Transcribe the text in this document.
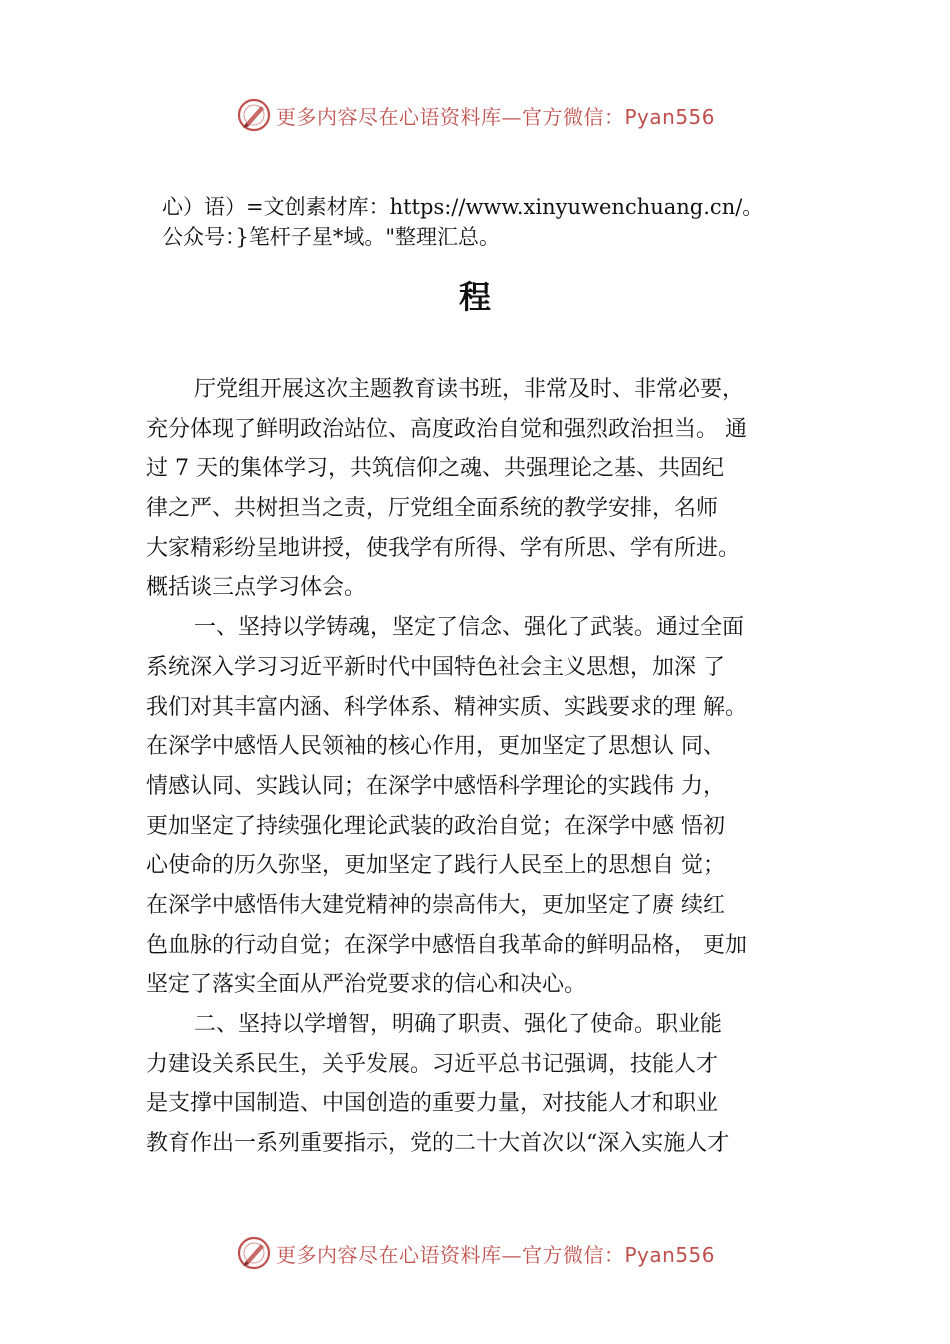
更多内容尽在心语资料库—官方微信：Pyan556
心）语）=文创素材库：https://www.xinyuwenchuang.cn/。
公众号：}笔杆子星*域。"整理汇总。
程
厅党组开展这次主题教育读书班，非常及时、非常必要，
充分体现了鲜明政治站位、高度政治自觉和强烈政治担当。 通
过 7 天的集体学习，共筑信仰之魂、共强理论之基、共固纪
律之严、共树担当之责，厅党组全面系统的教学安排，名师
大家精彩纷呈地讲授，使我学有所得、学有所思、学有所进。
概括谈三点学习体会。
一、坚持以学铸魂，坚定了信念、强化了武装。通过全面
系统深入学习习近平新时代中国特色社会主义思想，加深 了
我们对其丰富内涵、科学体系、精神实质、实践要求的理 解。
在深学中感悟人民领袖的核心作用，更加坚定了思想认 同、
情感认同、实践认同；在深学中感悟科学理论的实践伟 力，
更加坚定了持续强化理论武装的政治自觉；在深学中感 悟初
心使命的历久弥坚，更加坚定了践行人民至上的思想自 觉；
在深学中感悟伟大建党精神的崇高伟大，更加坚定了赓 续红
色血脉的行动自觉；在深学中感悟自我革命的鲜明品格， 更加
坚定了落实全面从严治党要求的信心和决心。
二、坚持以学增智，明确了职责、强化了使命。职业能
力建设关系民生，关乎发展。习近平总书记强调，技能人才
是支撑中国制造、中国创造的重要力量，对技能人才和职业
教育作出一系列重要指示，党的二十大首次以“深入实施人才
更多内容尽在心语资料库—官方微信：Pyan556
